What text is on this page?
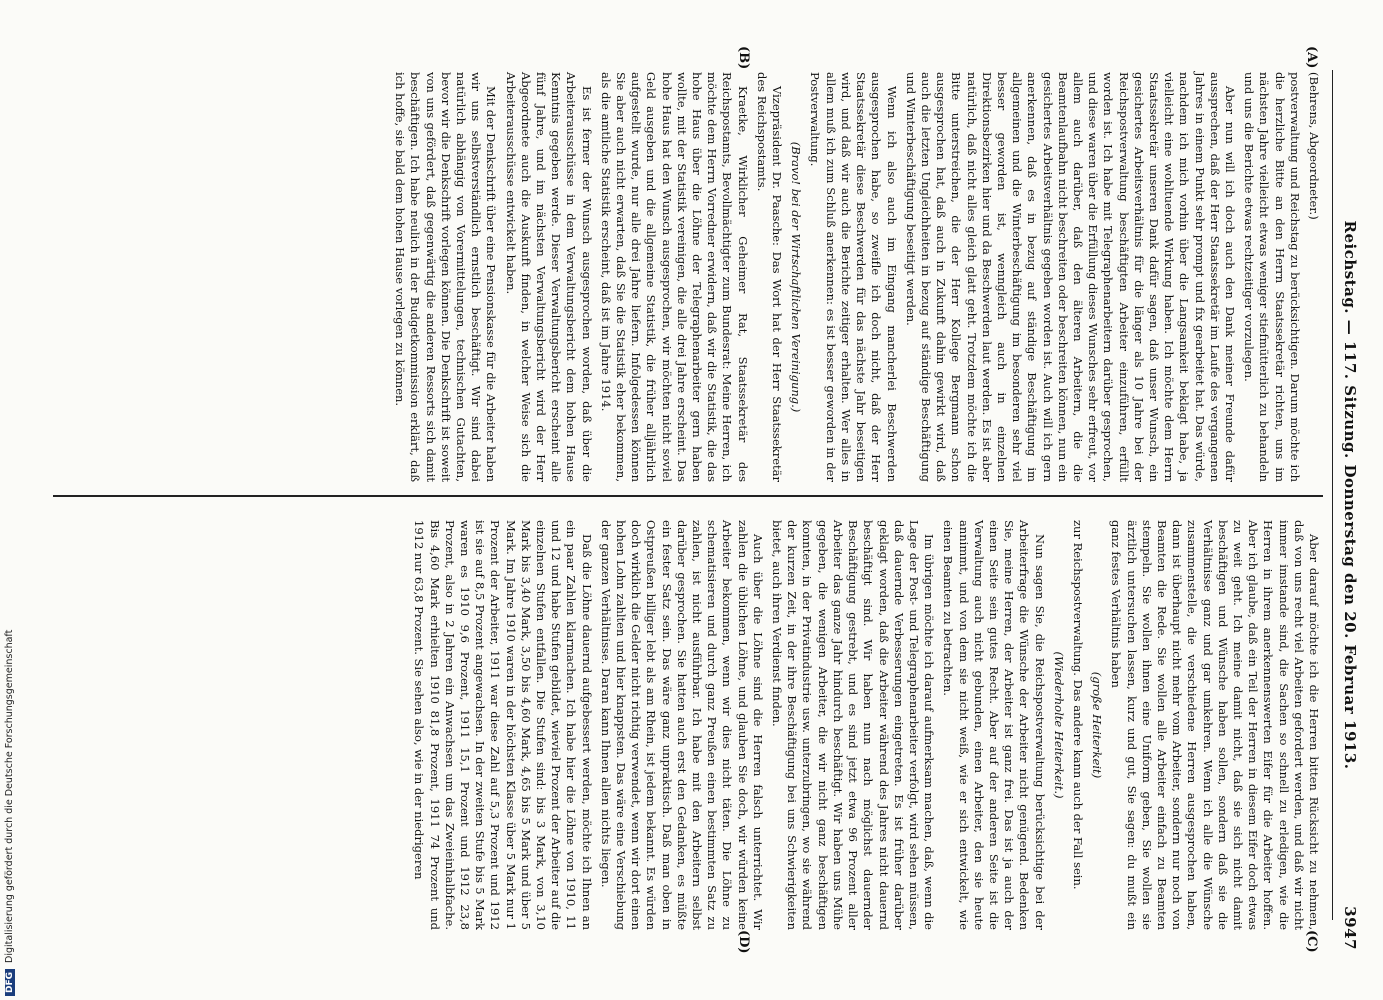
Reichstag. — 117. Sitzung. Donnerstag den 20. Februar 1913.
3947
(A)
(B)
(C)
(D)

(Behrens, Abgeordneter.)

postverwaltung und Reichstag zu berücksichtigen. Darum möchte ich die herzliche Bitte an den Herrn Staatssekretär richten, uns im nächsten Jahre vielleicht etwas weniger stiefmütterlich zu behandeln und uns die Berichte etwas rechtzeitiger vorzulegen.

Aber nun will ich doch auch den Dank meiner Freunde dafür aussprechen, daß der Herr Staatssekretär im Laufe des vergangenen Jahres in einem Punkt sehr prompt und fix gearbeitet hat. Das würde, nachdem ich mich vorhin über die Langsamkeit beklagt habe, ja vielleicht eine wohltuende Wirkung haben. Ich möchte dem Herrn Staatssekretär unseren Dank dafür sagen, daß unser Wunsch, ein gesichertes Arbeitsverhältnis für die länger als 10 Jahre bei der Reichspostverwaltung beschäftigten Arbeiter einzuführen, erfüllt worden ist. Ich habe mit Telegraphenarbeitern darüber gesprochen, und diese waren über die Erfüllung dieses Wunsches sehr erfreut, vor allem auch darüber, daß den älteren Arbeitern, die die Beamtenlaufbahn nicht beschreiten oder beschreiten können, nun ein gesichertes Arbeitsverhältnis gegeben worden ist. Auch will ich gern anerkennen, daß es in bezug auf ständige Beschäftigung im allgemeinen und die Winterbeschäftigung im besonderen sehr viel besser geworden ist, wenngleich auch in einzelnen Direktionsbezirken hier und da Beschwerden laut werden. Es ist aber natürlich, daß nicht alles gleich glatt geht. Trotzdem möchte ich die Bitte unterstreichen, die der Herr Kollege Bergmann schon ausgesprochen hat, daß auch in Zukunft dahin gewirkt wird, daß auch die letzten Ungleichheiten in bezug auf ständige Beschäftigung und Winterbeschäftigung beseitigt werden.

Wenn ich also auch im Eingang mancherlei Beschwerden ausgesprochen habe, so zweifle ich doch nicht, daß der Herr Staatssekretär diese Beschwerden für das nächste Jahr beseitigen wird, und daß wir auch die Berichte zeitiger erhalten. Wer alles in allem muß ich zum Schluß anerkennen: es ist besser geworden in der Postverwaltung.

(Bravo! bei der Wirtschaftlichen Vereinigung.)

Vizepräsident Dr. Paasche: Das Wort hat der Herr Staatssekretär des Reichspostamts.

Kraetke, Wirklicher Geheimer Rat, Staatssekretär des Reichspostamts, Bevollmächtigter zum Bundesrat: Meine Herren, ich möchte dem Herrn Vorredner erwidern, daß wir die Statistik, die das hohe Haus über die Löhne der Telegraphenarbeiter gern haben wollte, mit der Statistik vereinigen, die alle drei Jahre erscheint. Das hohe Haus hat den Wunsch ausgesprochen, wir möchten nicht soviel Geld ausgeben und die allgemeine Statistik, die früher alljährlich aufgestellt wurde, nur alle drei Jahre liefern. Infolgedessen können Sie aber auch nicht erwarten, daß Sie die Statistik eher bekommen, als die amtliche Statistik erscheint, daß ist im Jahre 1914.

Es ist ferner der Wunsch ausgesprochen worden, daß über die Arbeiterausschüsse in dem Verwaltungsbericht dem hohen Hause Kenntnis gegeben werde. Dieser Verwaltungsbericht erscheint alle fünf Jahre, und im nächsten Verwaltungsbericht wird der Herr Abgeordnete auch die Auskunft finden, in welcher Weise sich die Arbeiterausschüsse entwickelt haben.

Mit der Denkschrift über eine Pensionskasse für die Arbeiter haben wir uns selbstverständlich ernstlich beschäftigt. Wir sind dabei natürlich abhängig von Vorermittelungen, technischen Gutachten, bevor wir die Denkschrift vorlegen können. Die Denkschrift ist soweit von uns gefördert, daß gegenwärtig die anderen Ressorts sich damit beschäftigen. Ich habe neulich in der Budgetkommission erklärt, daß ich hoffe, sie bald dem hohen Hause vorlegen zu können.

Aber darauf möchte ich die Herren bitten Rücksicht zu nehmen, daß von uns recht viel Arbeiten gefordert werden, und daß wir nicht immer imstande sind, die Sachen so schnell zu erledigen, wie die Herren in ihrem anerkennenswerten Eifer für die Arbeiter hoffen. Aber ich glaube, daß ein Teil der Herren in diesem Eifer doch etwas zu weit geht. Ich meine damit nicht, daß sie sich nicht damit beschäftigen und Wünsche haben sollen, sondern daß sie die Verhältnisse ganz und gar umkehren. Wenn ich alle die Wünsche zusammenstelle, die verschiedene Herren ausgesprochen haben, dann ist überhaupt nicht mehr vom Arbeiter, sondern nur noch von Beamten die Rede. Sie wollen alle Arbeiter einfach zu Beamten stempeln. Sie wollen ihnen eine Uniform geben, Sie wollen sie ärztlich untersuchen lassen, kurz und gut, Sie sagen: du mußt ein ganz festes Verhältnis haben

(große Heiterkeit)

zur Reichspostverwaltung. Das andere kann auch der Fall sein.

(Wiederholte Heiterkeit.)

Nun sagen Sie, die Reichspostverwaltung berücksichtige bei der Arbeiterfrage die Wünsche der Arbeiter nicht genügend. Bedenken Sie, meine Herren, der Arbeiter ist ganz frei. Das ist ja auch der einen Seite sein gutes Recht. Aber auf der anderen Seite ist die Verwaltung auch nicht gebunden, einen Arbeiter, den sie heute annimmt, und von dem sie nicht weiß, wie er sich entwickelt, wie einen Beamten zu betrachten.

Im übrigen möchte ich darauf aufmerksam machen, daß, wenn die Lage der Post- und Telegraphenarbeiter verfolgt, wird sehen müssen, daß dauernde Verbesserungen eingetreten. Es ist früher darüber geklagt worden, daß die Arbeiter während des Jahres nicht dauernd beschäftigt sind. Wir haben nun nach möglichst dauernder Beschäftigung gestrebt, und es sind jetzt etwa 96 Prozent aller Arbeiter das ganze Jahr hindurch beschäftigt. Wir haben uns Mühe gegeben, die wenigen Arbeiter, die wir nicht ganz beschäftigen konnten, in der Privatindustrie usw. unterzubringen, wo sie während der kurzen Zeit, in der ihre Beschäftigung bei uns Schwierigkeiten bietet, auch ihren Verdienst finden.

Auch über die Löhne sind die Herren falsch unterrichtet. Wir zahlen die üblichen Löhne, und glauben Sie doch, wir würden keine Arbeiter bekommen, wenn wir dies nicht täten. Die Löhne zu schematisieren und durch ganz Preußen einen bestimmten Satz zu zahlen, ist nicht ausführbar. Ich habe mit den Arbeitern selbst darüber gesprochen. Sie hatten auch erst den Gedanken, es müßte ein fester Satz sein. Das wäre ganz unpraktisch. Daß man oben in Ostpreußen billiger lebt als am Rhein, ist jedem bekannt. Es würden doch wirklich die Gelder nicht richtig verwendet, wenn wir dort einen hohen Lohn zahlten und hier knappsten. Das wäre eine Verschiebung der ganzen Verhältnisse. Daran kann Ihnen allen nichts liegen.

Daß die Löhne dauernd aufgebessert werden, möchte ich Ihnen an ein paar Zahlen klarmachen. Ich habe hier die Löhne von 1910, 11 und 12 und habe Stufen gebildet, wieviel Prozent der Arbeiter auf die einzelnen Stufen entfallen. Die Stufen sind: bis 3 Mark, von 3,10 Mark bis 3,40 Mark, 3,50 bis 4,60 Mark, 4,65 bis 5 Mark und über 5 Mark. Im Jahre 1910 waren in der höchsten Klasse über 5 Mark nur 1 Prozent der Arbeiter, 1911 war diese Zahl auf 5,3 Prozent und 1912 ist sie auf 8,5 Prozent angewachsen. In der zweiten Stufe bis 5 Mark waren es 1910 9,6 Prozent, 1911 15,1 Prozent und 1912 23,8 Prozent, also in 2 Jahren ein Anwachsen um das Zweieinhalbfache. Bis 4,60 Mark erhielten 1910 81,8 Prozent, 1911 74 Prozent und 1912 nur 63,8 Prozent. Sie sehen also, wie in der niedrigeren

DFGDigitalisierung gefördert durch die Deutsche Forschungsgemeinschaft
